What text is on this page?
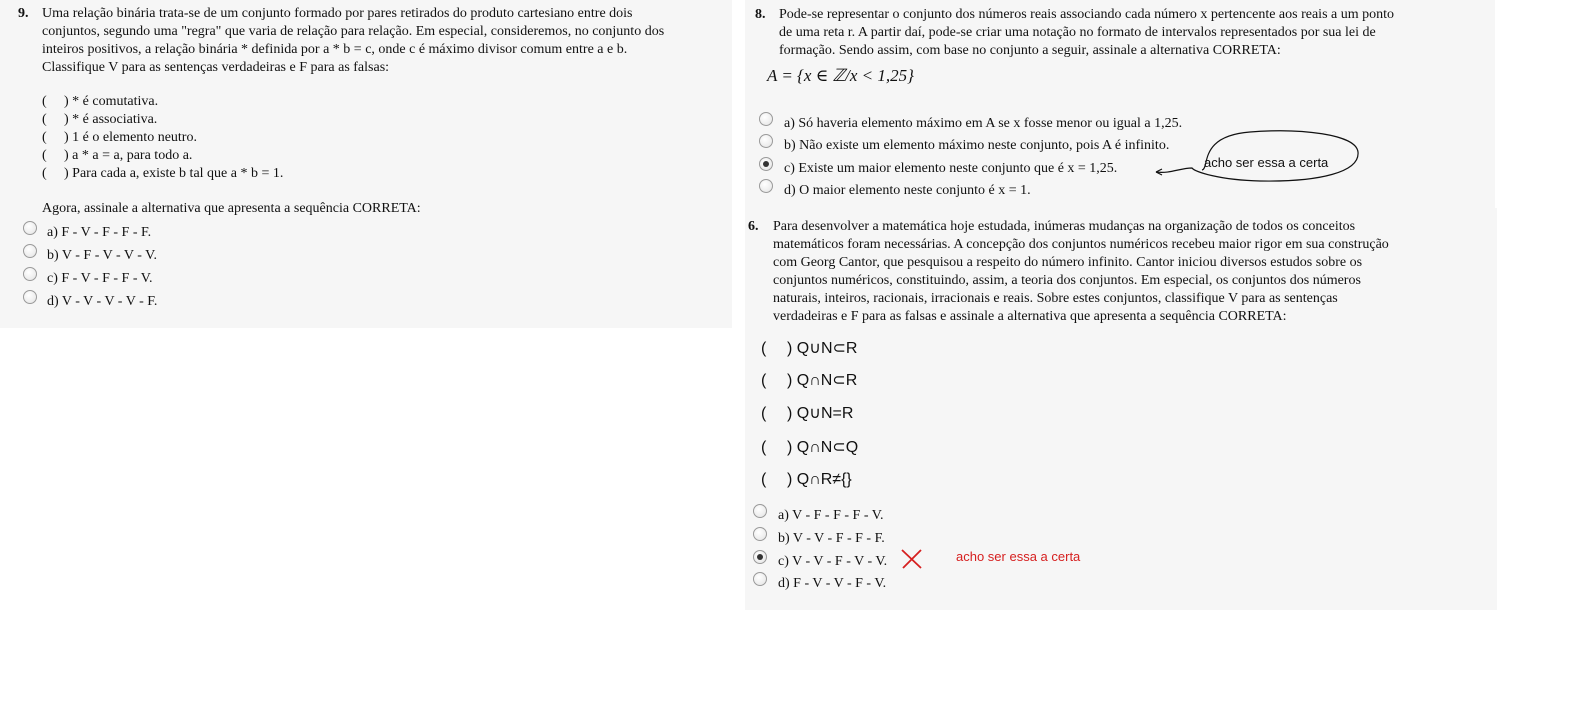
9. Uma relação binária trata-se de um conjunto formado por pares retirados do produto cartesiano entre dois
conjuntos, segundo uma "regra" que varia de relação para relação. Em especial, consideremos, no conjunto dos
inteiros positivos, a relação binária * definida por a * b = c, onde c é máximo divisor comum entre a e b.
Classifique V para as sentenças verdadeiras e F para as falsas:
( ) * é comutativa.
( ) * é associativa.
( ) 1 é o elemento neutro.
( ) a * a = a, para todo a.
( ) Para cada a, existe b tal que a * b = 1.
Agora, assinale a alternativa que apresenta a sequência CORRETA:
a) F - V - F - F - F.
b) V - F - V - V - V.
c) F - V - F - F - V.
d) V - V - V - V - F.
8. Pode-se representar o conjunto dos números reais associando cada número x pertencente aos reais a um ponto
de uma reta r. A partir daí, pode-se criar uma notação no formato de intervalos representados por sua lei de
formação. Sendo assim, com base no conjunto a seguir, assinale a alternativa CORRETA:
A = {x ∈ ℤ/x < 1,25}
a) Só haveria elemento máximo em A se x fosse menor ou igual a 1,25.
b) Não existe um elemento máximo neste conjunto, pois A é infinito.
c) Existe um maior elemento neste conjunto que é x = 1,25.
d) O maior elemento neste conjunto é x = 1.
acho ser essa a certa
6. Para desenvolver a matemática hoje estudada, inúmeras mudanças na organização de todos os conceitos
matemáticos foram necessárias. A concepção dos conjuntos numéricos recebeu maior rigor em sua construção
com Georg Cantor, que pesquisou a respeito do número infinito. Cantor iniciou diversos estudos sobre os
conjuntos numéricos, constituindo, assim, a teoria dos conjuntos. Em especial, os conjuntos dos números
naturais, inteiros, racionais, irracionais e reais. Sobre estes conjuntos, classifique V para as sentenças
verdadeiras e F para as falsas e assinale a alternativa que apresenta a sequência CORRETA:
( ) Q∪N⊂R
( ) Q∩N⊂R
( ) Q∪N=R
( ) Q∩N⊂Q
( ) Q∩R≠{}
a) V - F - F - F - V.
b) V - V - F - F - F.
c) V - V - F - V - V.
d) F - V - V - F - V.
acho ser essa a certa
